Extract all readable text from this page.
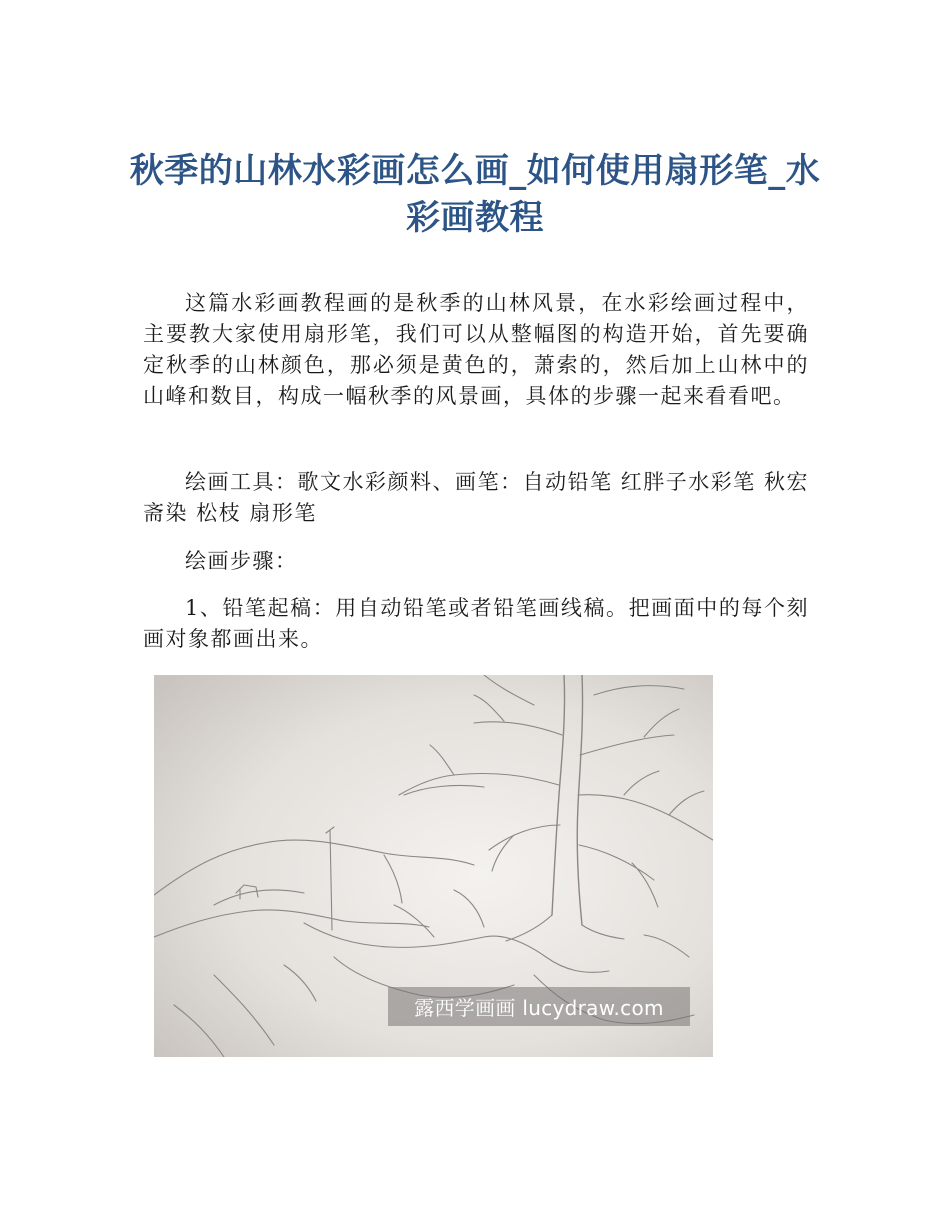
秋季的山林水彩画怎么画_如何使用扇形笔_水彩画教程

这篇水彩画教程画的是秋季的山林风景，在水彩绘画过程中，主要教大家使用扇形笔，我们可以从整幅图的构造开始，首先要确定秋季的山林颜色，那必须是黄色的，萧索的，然后加上山林中的山峰和数目，构成一幅秋季的风景画，具体的步骤一起来看看吧。

绘画工具：歌文水彩颜料、画笔：自动铅笔 红胖子水彩笔 秋宏斋染 松枝 扇形笔

绘画步骤：

1、铅笔起稿：用自动铅笔或者铅笔画线稿。把画面中的每个刻画对象都画出来。

露西学画画 lucydraw.com
